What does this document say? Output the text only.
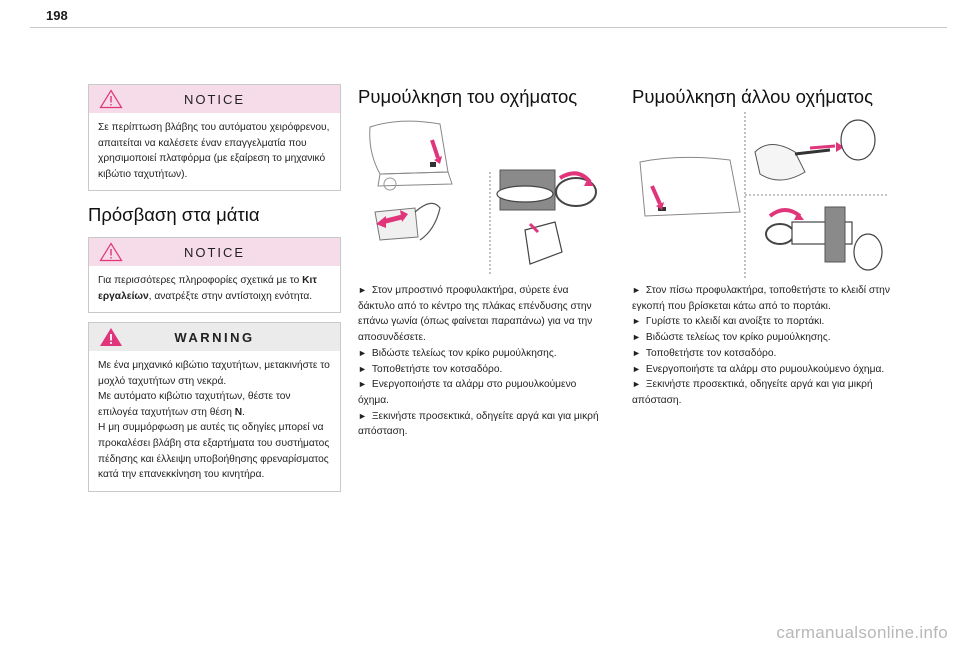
198
NOTICE

Σε περίπτωση βλάβης του αυτόματου χειρόφρενου, απαιτείται να καλέσετε έναν επαγγελματία που χρησιμοποιεί πλατφόρμα (με εξαίρεση το μηχανικό κιβώτιο ταχυτήτων).

Πρόσβαση στα μάτια
NOTICE

Για περισσότερες πληροφορίες σχετικά με το Κιτ εργαλείων, ανατρέξτε στην αντίστοιχη ενότητα.

WARNING

Με ένα μηχανικό κιβώτιο ταχυτήτων, μετακινήστε το μοχλό ταχυτήτων στη νεκρά.

Με αυτόματο κιβώτιο ταχυτήτων, θέστε τον επιλογέα ταχυτήτων στη θέση N.

Η μη συμμόρφωση με αυτές τις οδηγίες μπορεί να προκαλέσει βλάβη στα εξαρτήματα του συστήματος πέδησης και έλλειψη υποβοήθησης φρεναρίσματος κατά την επανεκκίνηση του κινητήρα.

Ρυμούλκηση του οχήματος
► Στον μπροστινό προφυλακτήρα, σύρετε ένα δάκτυλο από το κέντρο της πλάκας επένδυσης στην επάνω γωνία (όπως φαίνεται παραπάνω) για να την αποσυνδέσετε.
► Βιδώστε τελείως τον κρίκο ρυμούλκησης.
► Τοποθετήστε τον κοτσαδόρο.
► Ενεργοποιήστε τα αλάρμ στο ρυμουλκούμενο όχημα.
► Ξεκινήστε προσεκτικά, οδηγείτε αργά και για μικρή απόσταση.
Ρυμούλκηση άλλου οχήματος
► Στον πίσω προφυλακτήρα, τοποθετήστε το κλειδί στην εγκοπή που βρίσκεται κάτω από το πορτάκι.
► Γυρίστε το κλειδί και ανοίξτε το πορτάκι.
► Βιδώστε τελείως τον κρίκο ρυμούλκησης.
► Τοποθετήστε τον κοτσαδόρο.
► Ενεργοποιήστε τα αλάρμ στο ρυμουλκούμενο όχημα.
► Ξεκινήστε προσεκτικά, οδηγείτε αργά και για μικρή απόσταση.
carmanualsonline.info
